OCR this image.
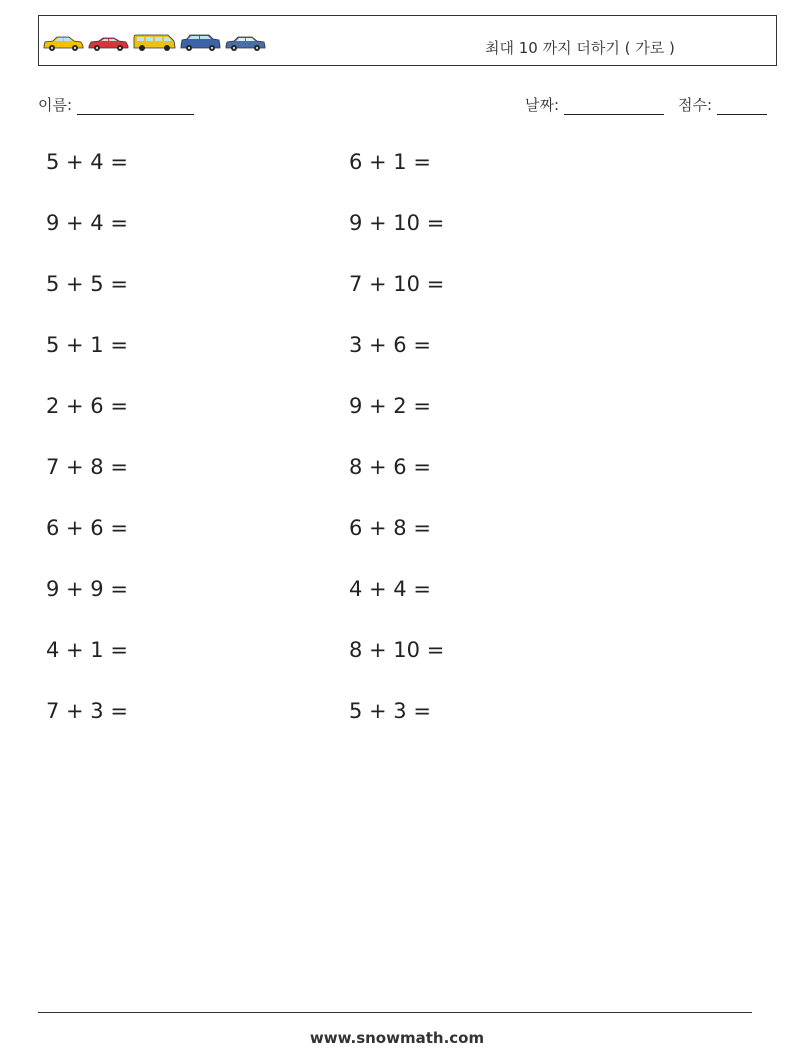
최대 10 까지 더하기 ( 가로 )
이름:	날짜:	점수:
5 + 4 =
9 + 4 =
5 + 5 =
5 + 1 =
2 + 6 =
7 + 8 =
6 + 6 =
9 + 9 =
4 + 1 =
7 + 3 =
6 + 1 =
9 + 10 =
7 + 10 =
3 + 6 =
9 + 2 =
8 + 6 =
6 + 8 =
4 + 4 =
8 + 10 =
5 + 3 =
www.snowmath.com
